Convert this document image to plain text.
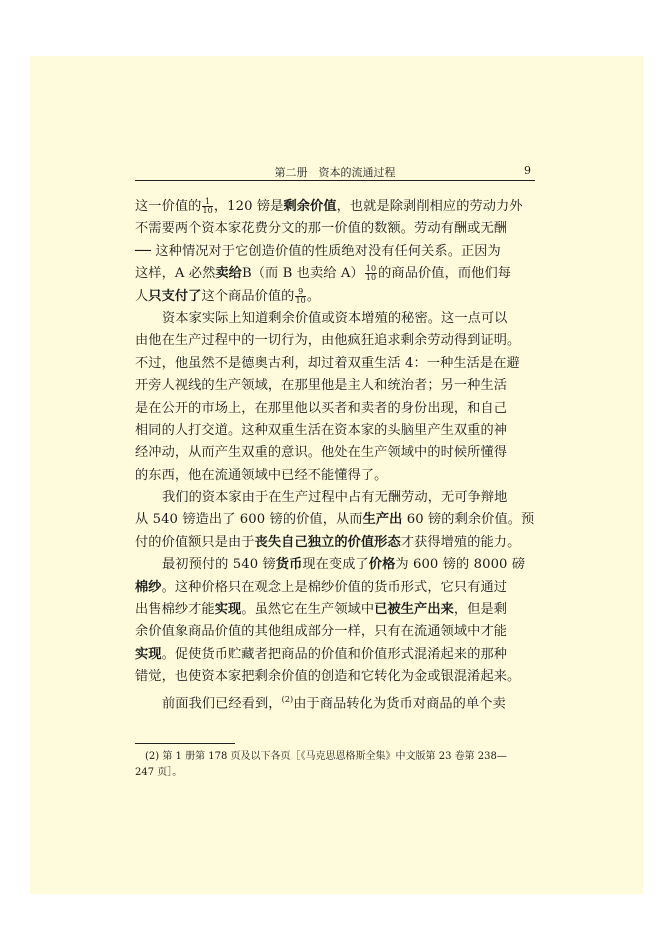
第二册　资本的流通过程	9
这一价值的 $\frac{1}{10}$ ，120 镑是剩余价值，也就是除剥削相应的劳动力外
不需要两个资本家花费分文的那一价值的数额。劳动有酬或无酬
── 这种情况对于它创造价值的性质绝对没有任何关系。正因为
这样，A 必然卖给B（而 B 也卖给 $A) \frac{10}{10}$ 的商品价值，而他们每
人只支付了这个商品价值的 $\frac{9}{10}$ 。
资本家实际上知道剩余价值或资本增殖的秘密。这一点可以
由他在生产过程中的一切行为，由他疯狂追求剩余劳动得到证明。
不过，他虽然不是德奥古利，却过着双重生活 4：一种生活是在避
开旁人视线的生产领域，在那里他是主人和统治者；另一种生活
是在公开的市场上，在那里他以买者和卖者的身份出现，和自己
相同的人打交道。这种双重生活在资本家的头脑里产生双重的神
经冲动，从而产生双重的意识。他处在生产领域中的时候所懂得
的东西，他在流通领域中已经不能懂得了。
我们的资本家由于在生产过程中占有无酬劳动，无可争辩地
从 540 镑造出了 600 镑的价值，从而生产出 60 镑的剩余价值。预
付的价值额只是由于丧失自己独立的价值形态才获得增殖的能力。
最初预付的 540 镑货币现在变成了价格为 600 镑的 8000 磅
棉纱。这种价格只在观念上是棉纱价值的货币形式，它只有通过
出售棉纱才能实现。虽然它在生产领域中已被生产出来，但是剩
余价值象商品价值的其他组成部分一样，只有在流通领域中才能
实现。促使货币贮藏者把商品的价值和价值形式混淆起来的那种
错觉，也使资本家把剩余价值的创造和它转化为金或银混淆起来。
前面我们已经看到，$^{(2)}$由于商品转化为货币对商品的单个卖
(2) 第 1 册第 178 页及以下各页［《马克思恩格斯全集》中文版第 23 卷第 238—
247 页］。
